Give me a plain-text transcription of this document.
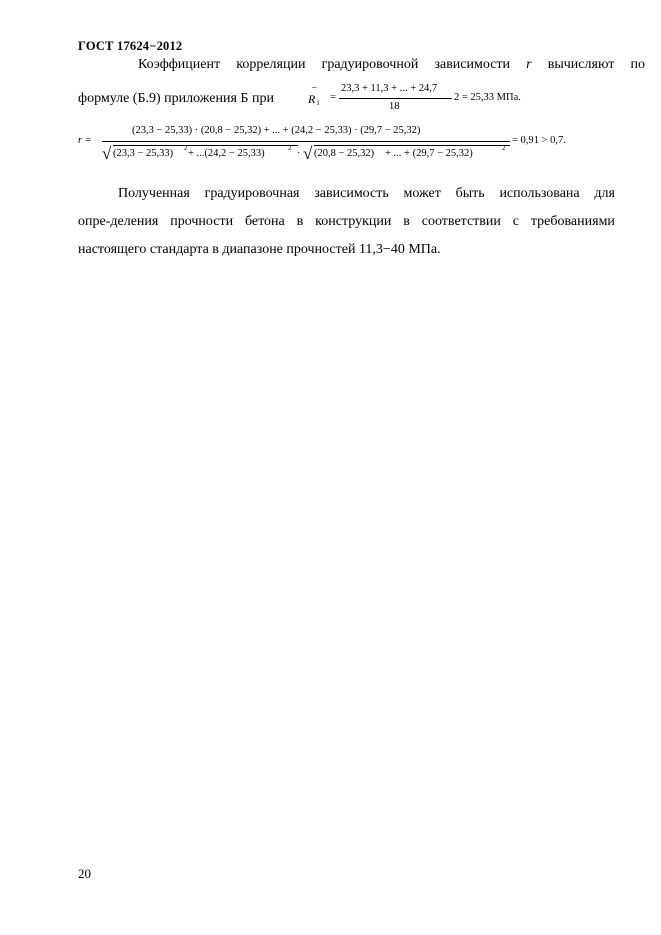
ГОСТ 17624−2012
Коэффициент корреляции градуировочной зависимости r вычисляют по
формуле (Б.9) приложения Б при	R
–
i =
23,3 + 11,3 + ... + 24,7
18
2 = 25,33 МПа.
r =
(23,3 − 25,33) · (20,8 − 25,32) + ... + (24,2 − 25,33) · (29,7 − 25,32)
√ (23,3 − 25,33) 2 + ...(24,2 − 25,33)	2 · √ (20,8 − 25,32) + ... + (29,7 − 25,32)	2
= 0,91 > 0,7.
Полученная градуировочная зависимость может быть использована для
опре-деления прочности бетона в конструкции в соответствии с требованиями
настоящего стандарта в диапазоне прочностей 11,3−40 МПа.
20
